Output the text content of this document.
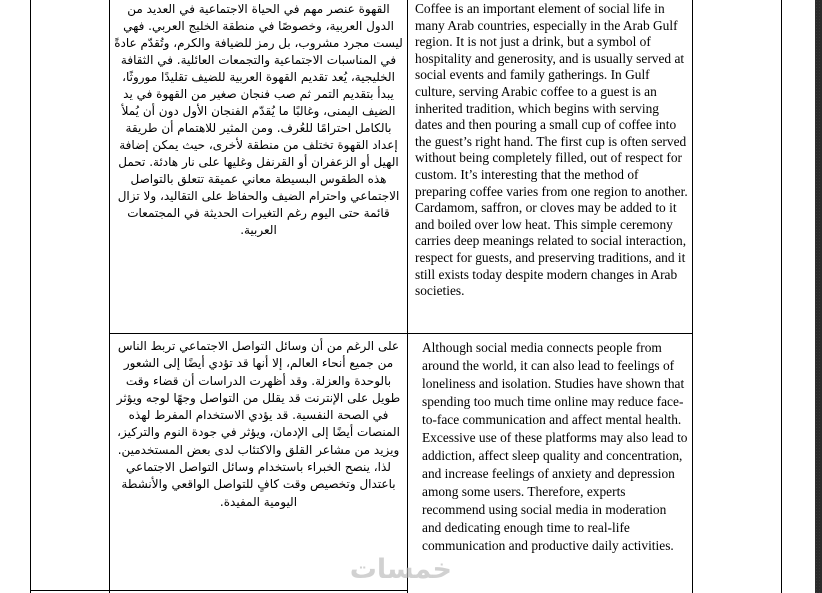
القهوة عنصر مهم في الحياة الاجتماعية في العديد من الدول العربية، وخصوصًا في منطقة الخليج العربي. فهي ليست مجرد مشروب، بل رمز للضيافة والكرم، وتُقدّم عادةً في المناسبات الاجتماعية والتجمعات العائلية. في الثقافة الخليجية، يُعد تقديم القهوة العربية للضيف تقليدًا موروثًا، يبدأ بتقديم التمر ثم صب فنجان صغير من القهوة في يد الضيف اليمنى، وغالبًا ما يُقدّم الفنجان الأول دون أن يُملأ بالكامل احترامًا للعُرف. ومن المثير للاهتمام أن طريقة إعداد القهوة تختلف من منطقة لأخرى، حيث يمكن إضافة الهيل أو الزعفران أو القرنفل وغليها على نار هادئة. تحمل هذه الطقوس البسيطة معاني عميقة تتعلق بالتواصل الاجتماعي واحترام الضيف والحفاظ على التقاليد، ولا تزال قائمة حتى اليوم رغم التغيرات الحديثة في المجتمعات العربية.
على الرغم من أن وسائل التواصل الاجتماعي تربط الناس من جميع أنحاء العالم، إلا أنها قد تؤدي أيضًا إلى الشعور بالوحدة والعزلة. وقد أظهرت الدراسات أن قضاء وقت طويل على الإنترنت قد يقلل من التواصل وجهًا لوجه ويؤثر في الصحة النفسية. قد يؤدي الاستخدام المفرط لهذه المنصات أيضًا إلى الإدمان، ويؤثر في جودة النوم والتركيز، ويزيد من مشاعر القلق والاكتئاب لدى بعض المستخدمين. لذا، ينصح الخبراء باستخدام وسائل التواصل الاجتماعي باعتدال وتخصيص وقت كافٍ للتواصل الواقعي والأنشطة اليومية المفيدة.
Coffee is an important element of social life in many Arab countries, especially in the Arab Gulf region. It is not just a drink, but a symbol of hospitality and generosity, and is usually served at social events and family gatherings. In Gulf culture, serving Arabic coffee to a guest is an inherited tradition, which begins with serving dates and then pouring a small cup of coffee into the guest’s right hand. The first cup is often served without being completely filled, out of respect for custom. It’s interesting that the method of preparing coffee varies from one region to another. Cardamom, saffron, or cloves may be added to it and boiled over low heat. This simple ceremony carries deep meanings related to social interaction, respect for guests, and preserving traditions, and it still exists today despite modern changes in Arab societies.
Although social media connects people from around the world, it can also lead to feelings of loneliness and isolation. Studies have shown that spending too much time online may reduce face-to-face communication and affect mental health. Excessive use of these platforms may also lead to addiction, affect sleep quality and concentration, and increase feelings of anxiety and depression among some users. Therefore, experts recommend using social media in moderation and dedicating enough time to real-life communication and productive daily activities.
خمسات
